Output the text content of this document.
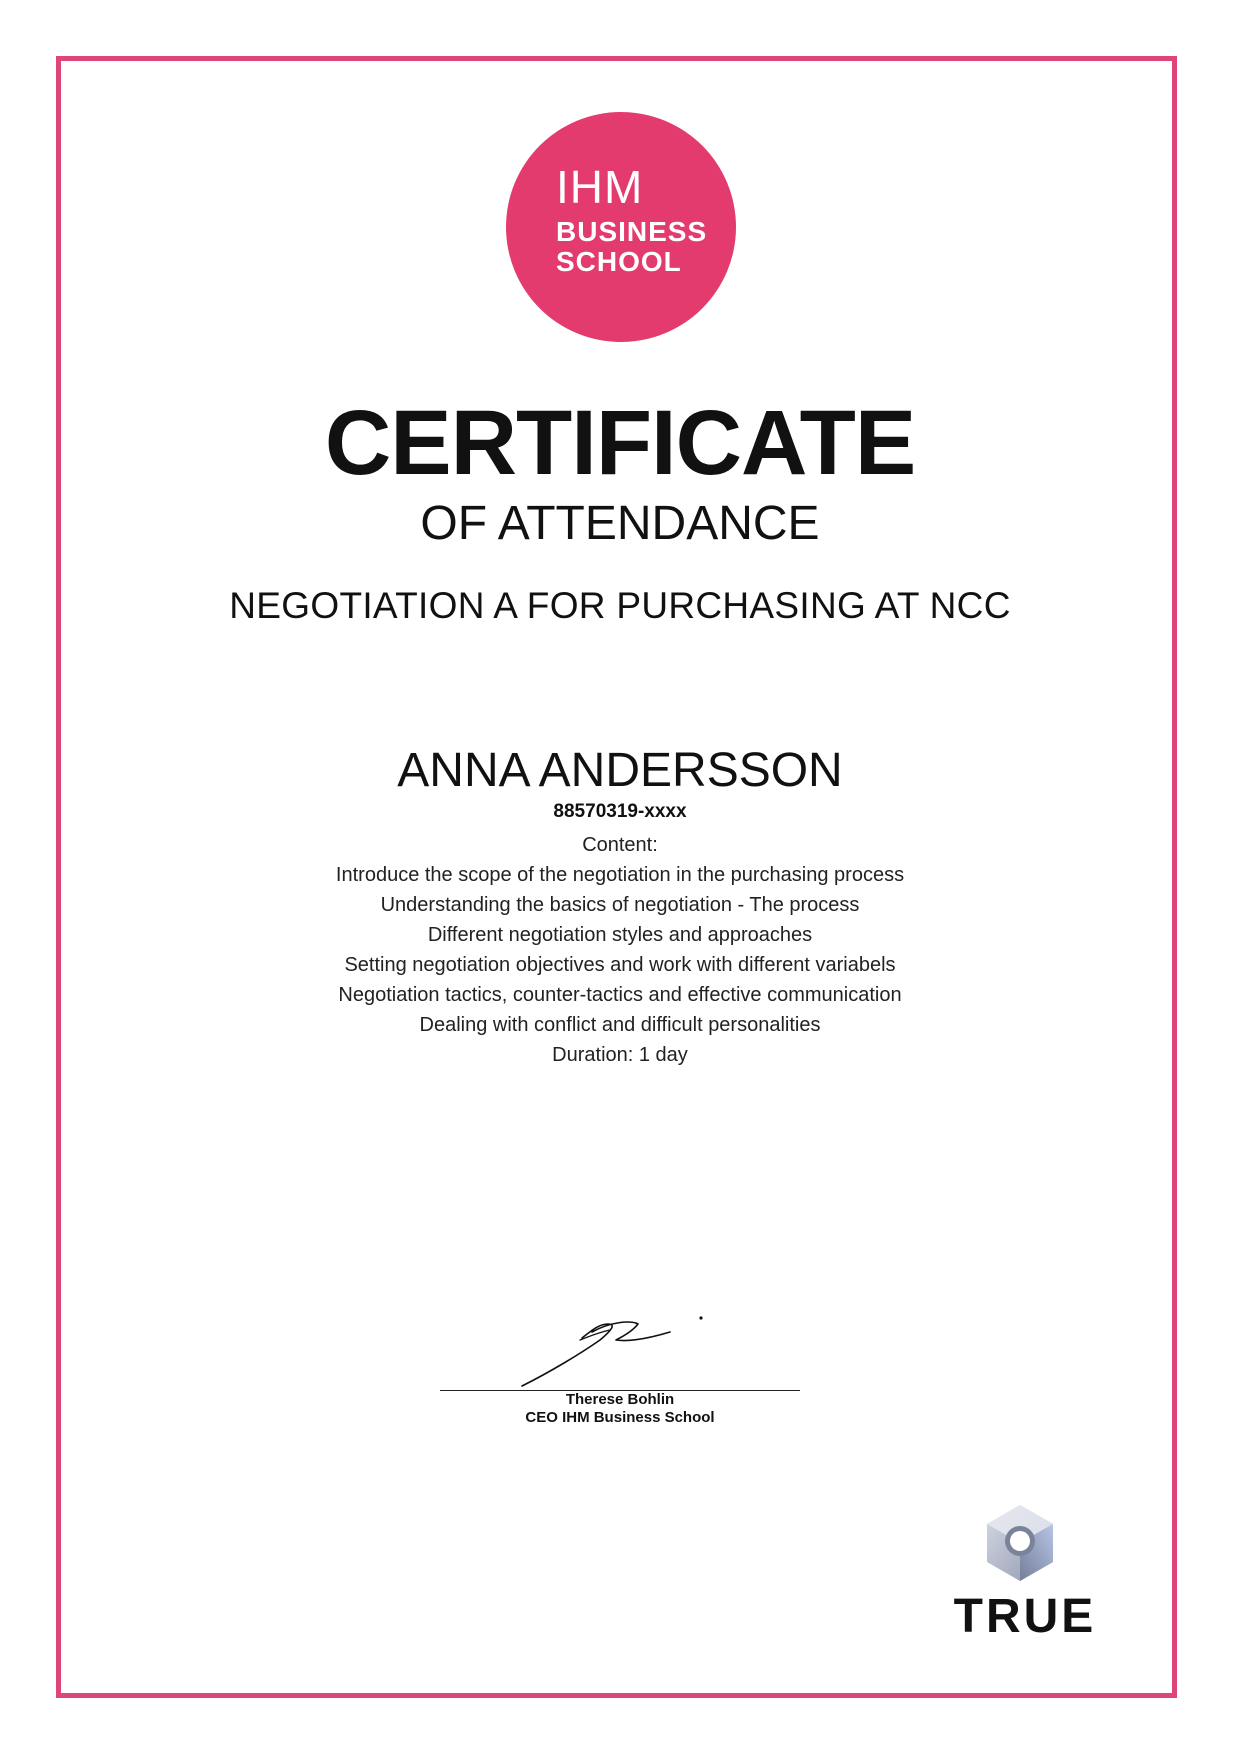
IHM
BUSINESS
SCHOOL
CERTIFICATE
OF ATTENDANCE
NEGOTIATION A FOR PURCHASING AT NCC
ANNA ANDERSSON
88570319-xxxx
Content:
Introduce the scope of the negotiation in the purchasing process
Understanding the basics of negotiation - The process
Different negotiation styles and approaches
Setting negotiation objectives and work with different variabels
Negotiation tactics, counter-tactics and effective communication
Dealing with conflict and difficult personalities
Duration: 1 day
Therese Bohlin
CEO IHM Business School
TRUE
